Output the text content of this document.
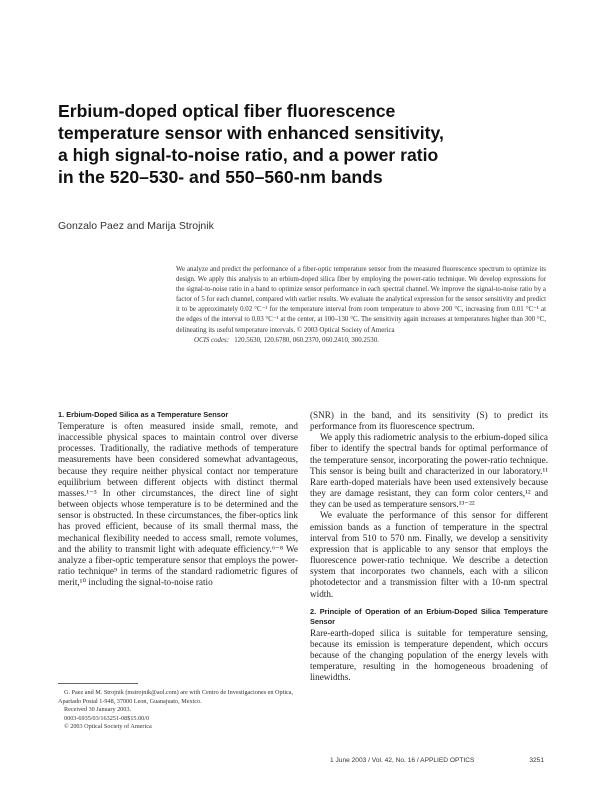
Erbium-doped optical fiber fluorescence
temperature sensor with enhanced sensitivity,
a high signal-to-noise ratio, and a power ratio
in the 520–530- and 550–560-nm bands
Gonzalo Paez and Marija Strojnik

We analyze and predict the performance of a fiber-optic temperature sensor from the measured fluorescence spectrum to optimize its design. We apply this analysis to an erbium-doped silica fiber by employing the power-ratio technique. We develop expressions for the signal-to-noise ratio in a band to optimize sensor performance in each spectral channel. We improve the signal-to-noise ratio by a factor of 5 for each channel, compared with earlier results. We evaluate the analytical expression for the sensor sensitivity and predict it to be approximately 0.02 °C⁻¹ for the temperature interval from room temperature to above 200 °C, increasing from 0.01 °C⁻¹ at the edges of the interval to 0.03 °C⁻¹ at the center, at 100–130 °C. The sensitivity again increases at temperatures higher than 300 °C, delineating its useful temperature intervals. © 2003 Optical Society of America

OCIS codes: 120.5630, 120.6780, 060.2370, 060.2410, 300.2530.
1. Erbium-Doped Silica as a Temperature Sensor

Temperature is often measured inside small, remote, and inaccessible physical spaces to maintain control over diverse processes. Traditionally, the radiative methods of temperature measurements have been considered somewhat advantageous, because they require neither physical contact nor temperature equilibrium between different objects with distinct thermal masses.¹⁻³ In other circumstances, the direct line of sight between objects whose temperature is to be determined and the sensor is obstructed. In these circumstances, the fiber-optics link has proved efficient, because of its small thermal mass, the mechanical flexibility needed to access small, remote volumes, and the ability to transmit light with adequate efficiency.⁶⁻⁸ We analyze a fiber-optic temperature sensor that employs the power-ratio technique⁹ in terms of the standard radiometric figures of merit,¹⁰ including the signal-to-noise ratio

(SNR) in the band, and its sensitivity (S) to predict its performance from its fluorescence spectrum.

We apply this radiometric analysis to the erbium-doped silica fiber to identify the spectral bands for optimal performance of the temperature sensor, incorporating the power-ratio technique. This sensor is being built and characterized in our laboratory.¹¹ Rare earth-doped materials have been used extensively because they are damage resistant, they can form color centers,¹² and they can be used as temperature sensors.¹³⁻²²

We evaluate the performance of this sensor for different emission bands as a function of temperature in the spectral interval from 510 to 570 nm. Finally, we develop a sensitivity expression that is applicable to any sensor that employs the fluorescence power-ratio technique. We describe a detection system that incorporates two channels, each with a silicon photodetector and a transmission filter with a 10-nm spectral width.

2. Principle of Operation of an Erbium-Doped Silica Temperature Sensor

Rare-earth-doped silica is suitable for temperature sensing, because its emission is temperature dependent, which occurs because of the changing population of the energy levels with temperature, resulting in the homogeneous broadening of linewidths.

G. Paez and M. Strojnik (mstrojnik@aol.com) are with Centro de Investigaciones en Optica, Apartado Postal 1-948, 37000 Leon, Guanajuato, Mexico.
Received 30 January 2003.
0003-6935/03/163251-08$15.00/0
© 2003 Optical Society of America
1 June 2003 / Vol. 42, No. 16 / APPLIED OPTICS	3251
